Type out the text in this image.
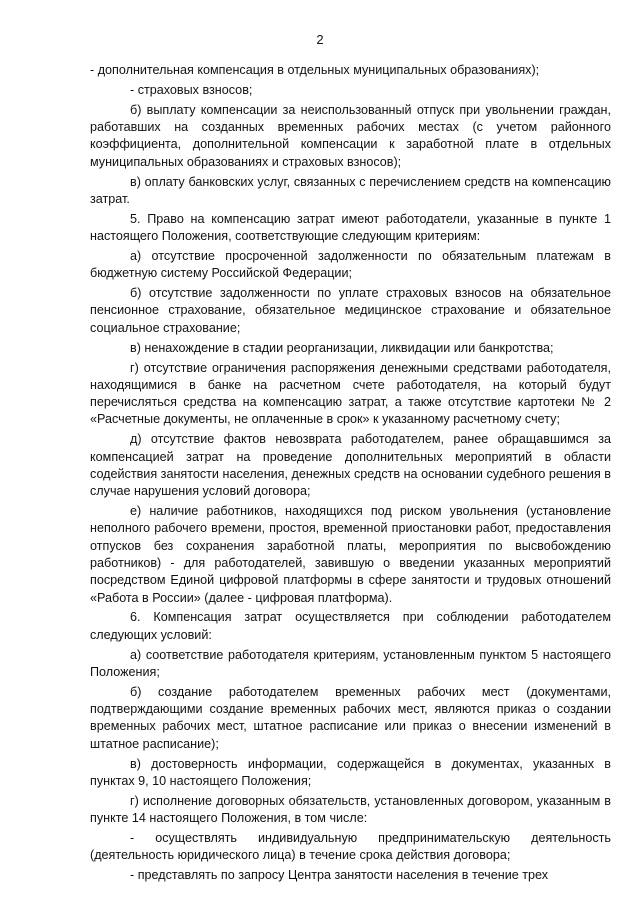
2

- дополнительная компенсация в отдельных муниципальных образованиях);

- страховых взносов;

б) выплату компенсации за неиспользованный отпуск при увольнении граждан, работавших на созданных временных рабочих местах (с учетом районного коэффициента, дополнительной компенсации к заработной плате в отдельных муниципальных образованиях и страховых взносов);

в) оплату банковских услуг, связанных с перечислением средств на компенсацию затрат.

5. Право на компенсацию затрат имеют работодатели, указанные в пункте 1 настоящего Положения, соответствующие следующим критериям:

а) отсутствие просроченной задолженности по обязательным платежам в бюджетную систему Российской Федерации;

б) отсутствие задолженности по уплате страховых взносов на обязательное пенсионное страхование, обязательное медицинское страхование и обязательное социальное страхование;

в) ненахождение в стадии реорганизации, ликвидации или банкротства;

г) отсутствие ограничения распоряжения денежными средствами работодателя, находящимися в банке на расчетном счете работодателя, на который будут перечисляться средства на компенсацию затрат, а также отсутствие картотеки № 2 «Расчетные документы, не оплаченные в срок» к указанному расчетному счету;

д) отсутствие фактов невозврата работодателем, ранее обращавшимся за компенсацией затрат на проведение дополнительных мероприятий в области содействия занятости населения, денежных средств на основании судебного решения в случае нарушения условий договора;

е) наличие работников, находящихся под риском увольнения (установление неполного рабочего времени, простоя, временной приостановки работ, предоставления отпусков без сохранения заработной платы, мероприятия по высвобождению работников) - для работодателей, завившую о введении указанных мероприятий посредством Единой цифровой платформы в сфере занятости и трудовых отношений «Работа в России» (далее - цифровая платформа).

6. Компенсация затрат осуществляется при соблюдении работодателем следующих условий:

а) соответствие работодателя критериям, установленным пунктом 5 настоящего Положения;

б) создание работодателем временных рабочих мест (документами, подтверждающими создание временных рабочих мест, являются приказ о создании временных рабочих мест, штатное расписание или приказ о внесении изменений в штатное расписание);

в) достоверность информации, содержащейся в документах, указанных в пунктах 9, 10 настоящего Положения;

г) исполнение договорных обязательств, установленных договором, указанным в пункте 14 настоящего Положения, в том числе:

- осуществлять индивидуальную предпринимательскую деятельность (деятельность юридического лица) в течение срока действия договора;

- представлять по запросу Центра занятости населения в течение трех
